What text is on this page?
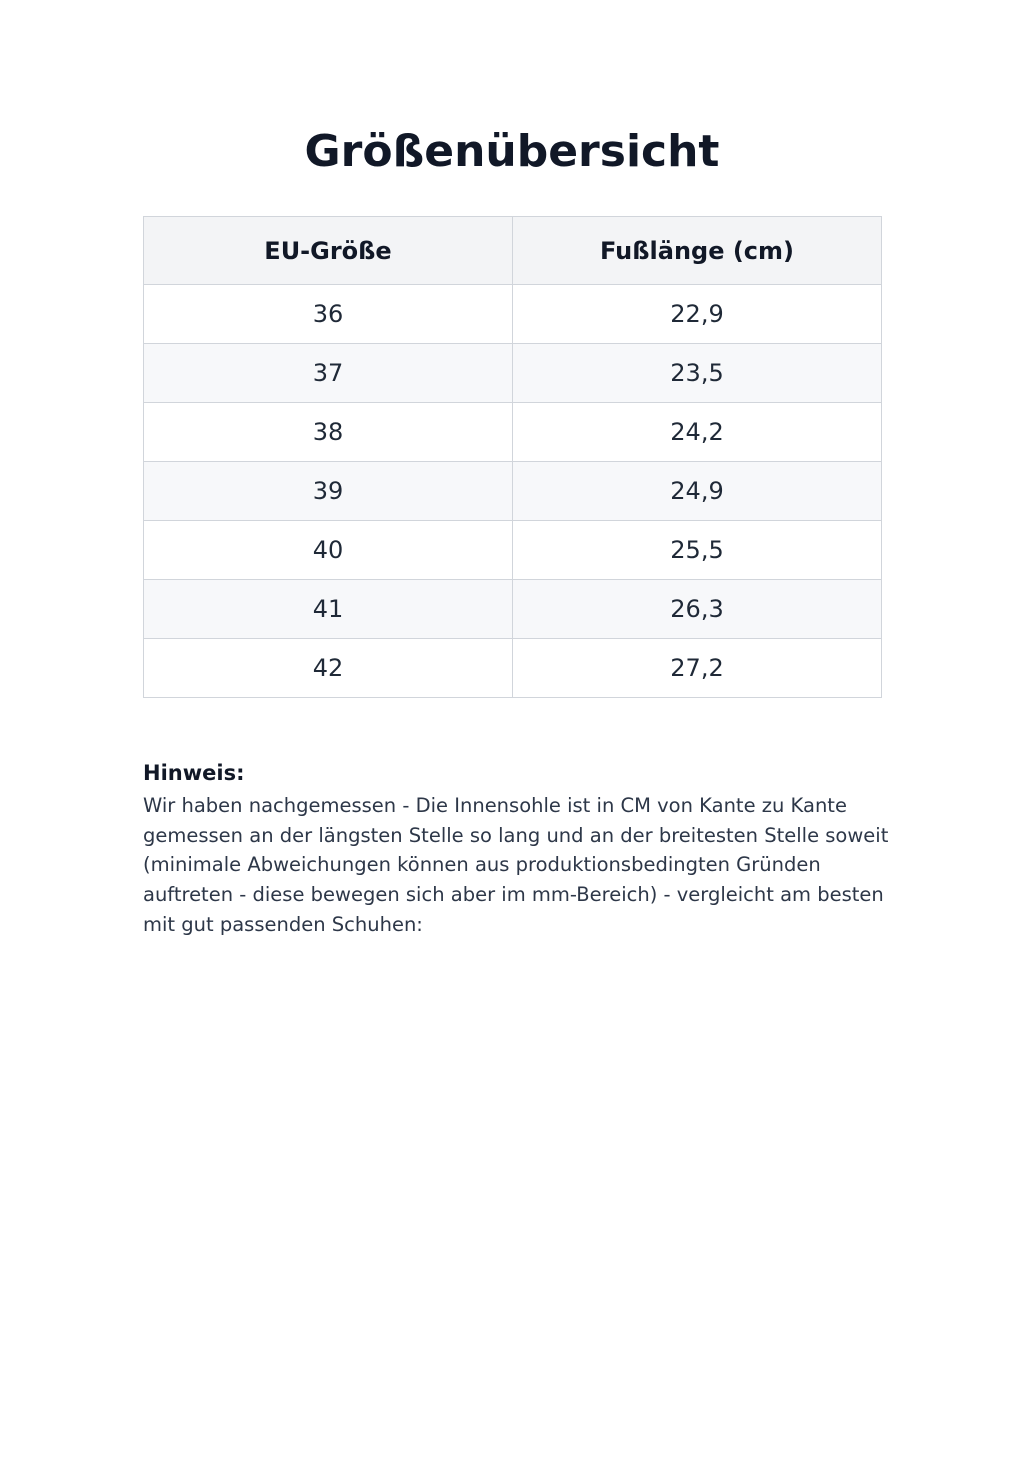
Größenübersicht
EU-Größe	Fußlänge (cm)
36	22,9
37	23,5
38	24,2
39	24,9
40	25,5
41	26,3
42	27,2

Hinweis:

Wir haben nachgemessen - Die Innensohle ist in CM von Kante zu Kante gemessen an der längsten Stelle so lang und an der breitesten Stelle soweit (minimale Abweichungen können aus produktionsbedingten Gründen auftreten - diese bewegen sich aber im mm-Bereich) - vergleicht am besten mit gut passenden Schuhen:
